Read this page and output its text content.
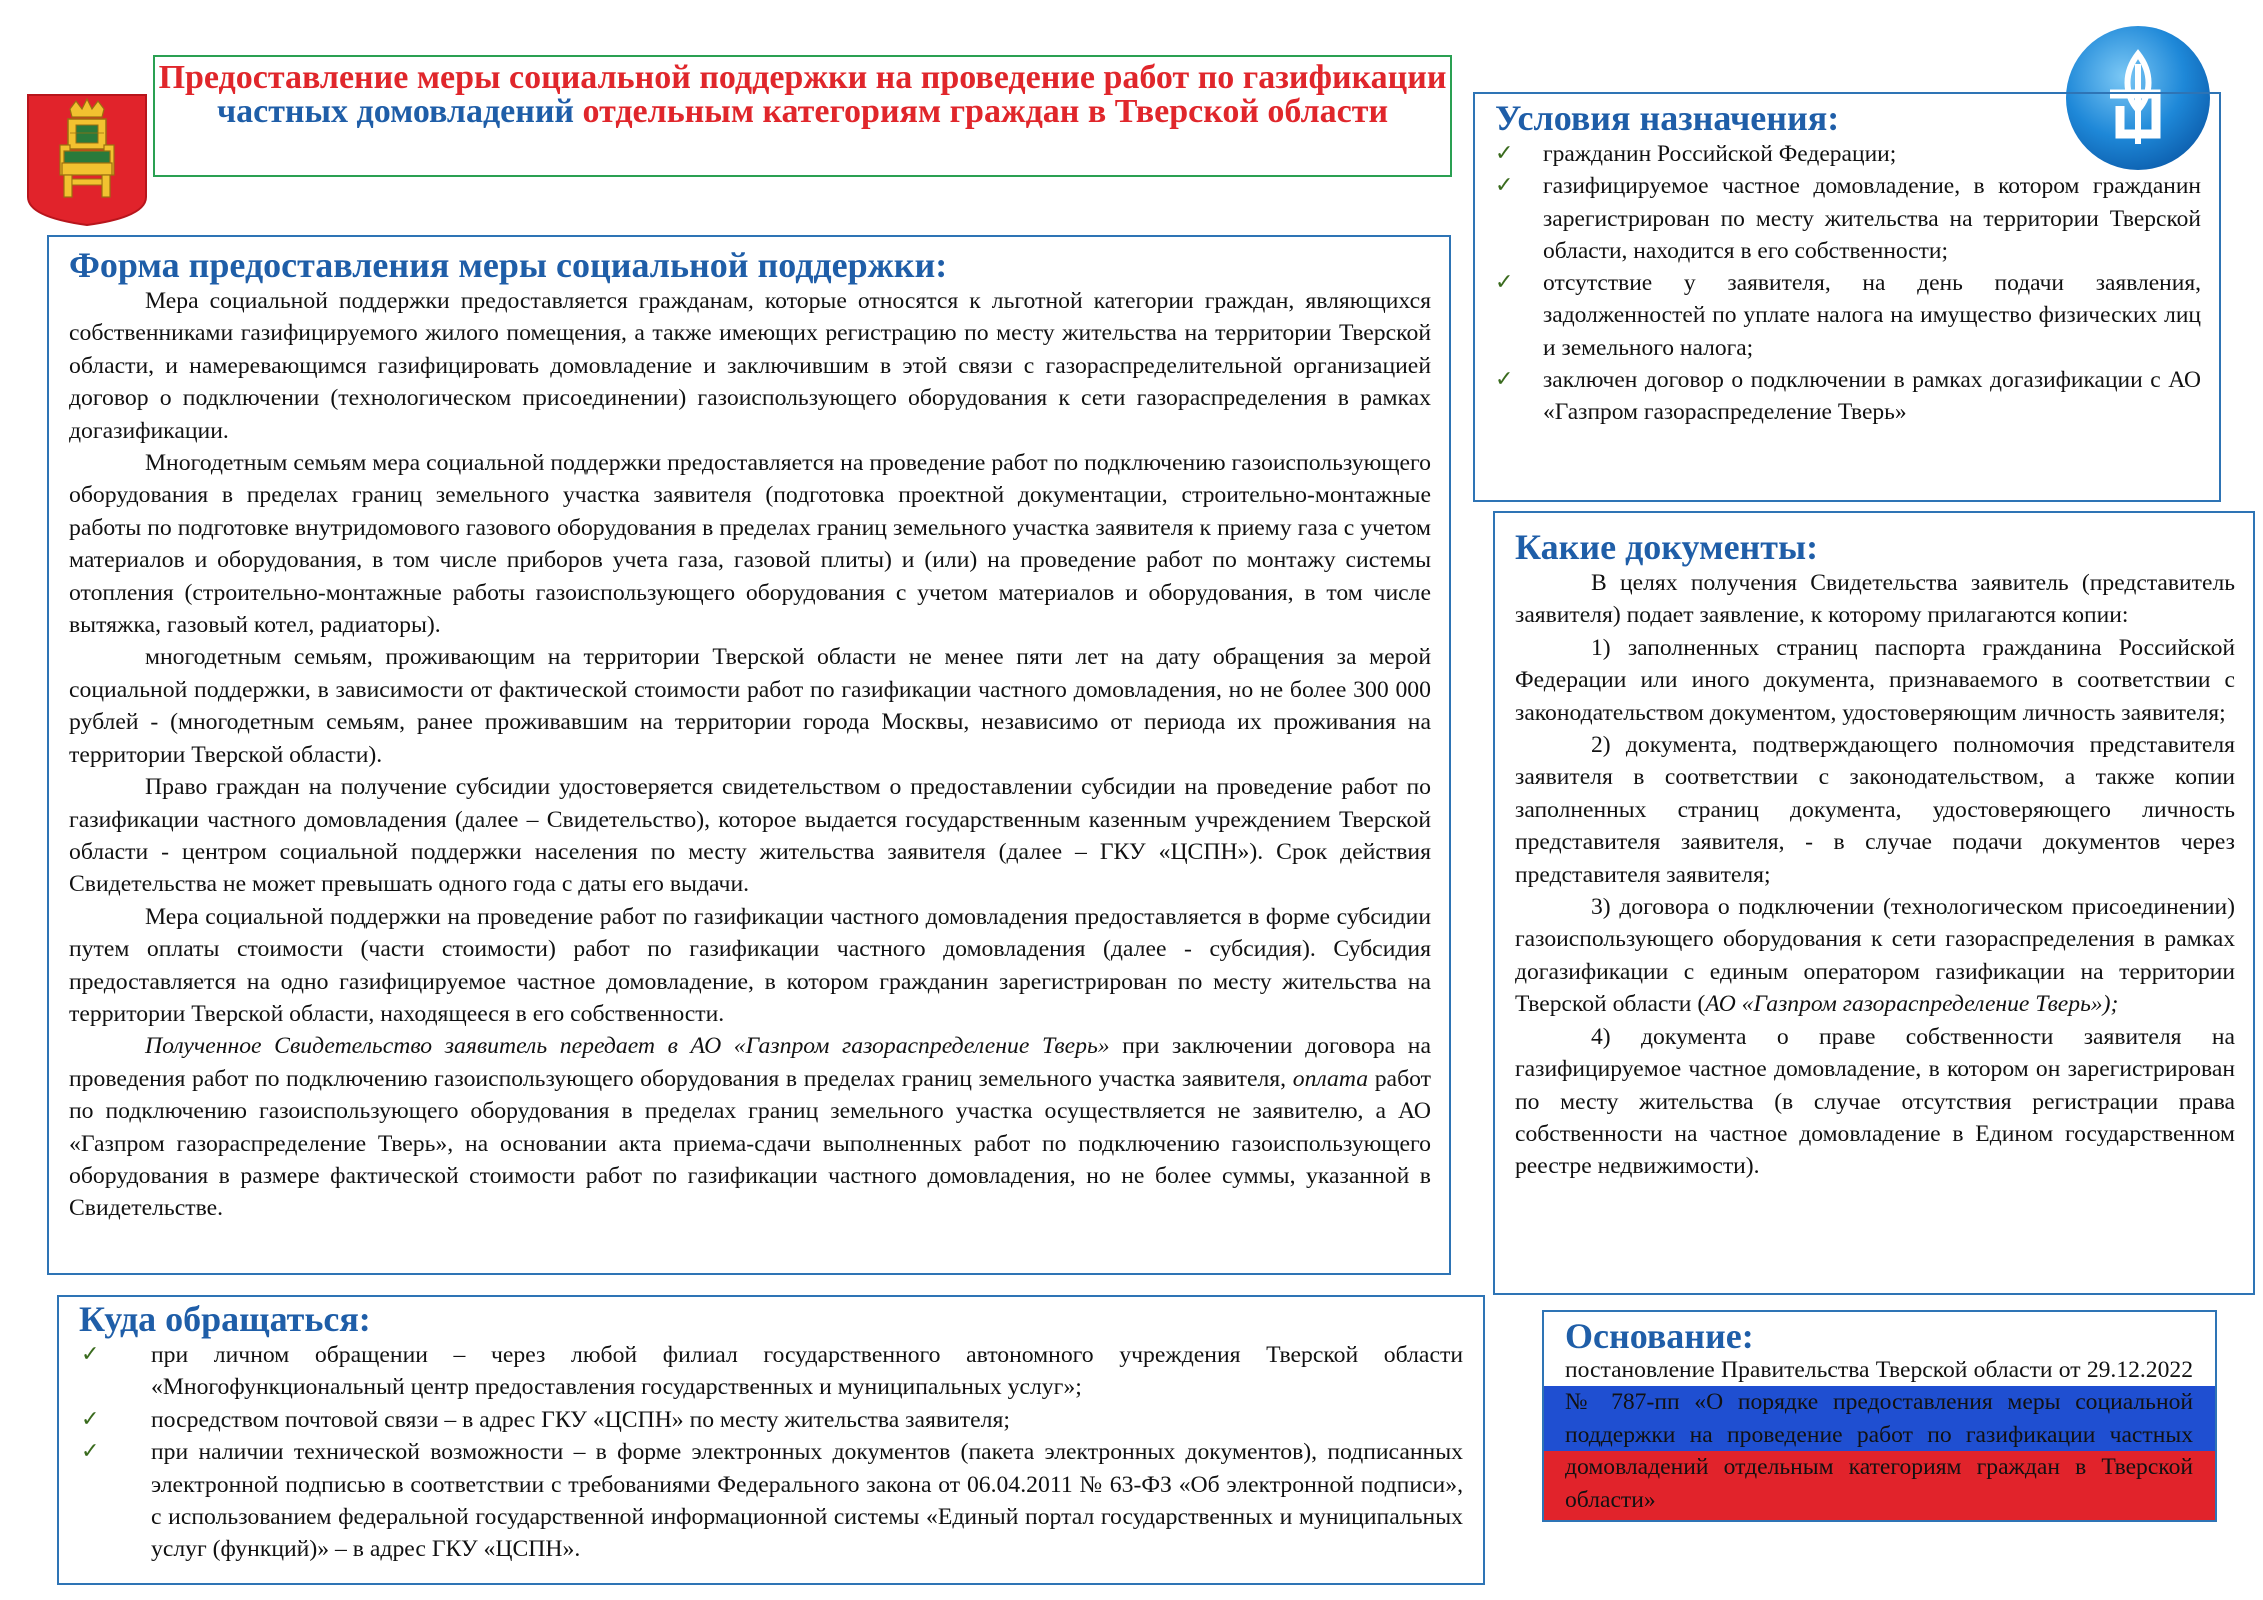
Предоставление меры социальной поддержки на проведение работ по газификации частных домовладений отдельным категориям граждан в Тверской области
Форма предоставления меры социальной поддержки:

Мера социальной поддержки предоставляется гражданам, которые относятся к льготной категории граждан, являющихся собственниками газифицируемого жилого помещения, а также имеющих регистрацию по месту жительства на территории Тверской области, и намеревающимся газифицировать домовладение и заключившим в этой связи с газораспределительной организацией договор о подключении (технологическом присоединении) газоиспользующего оборудования к сети газораспределения в рамках догазификации.

Многодетным семьям мера социальной поддержки предоставляется на проведение работ по подключению газоиспользующего оборудования в пределах границ земельного участка заявителя (подготовка проектной документации, строительно-монтажные работы по подготовке внутридомового газового оборудования в пределах границ земельного участка заявителя к приему газа с учетом материалов и оборудования, в том числе приборов учета газа, газовой плиты) и (или) на проведение работ по монтажу системы отопления (строительно-монтажные работы газоиспользующего оборудования с учетом материалов и оборудования, в том числе вытяжка, газовый котел, радиаторы).

многодетным семьям, проживающим на территории Тверской области не менее пяти лет на дату обращения за мерой социальной поддержки, в зависимости от фактической стоимости работ по газификации частного домовладения, но не более 300 000 рублей - (многодетным семьям, ранее проживавшим на территории города Москвы, независимо от периода их проживания на территории Тверской области).

Право граждан на получение субсидии удостоверяется свидетельством о предоставлении субсидии на проведение работ по газификации частного домовладения (далее – Свидетельство), которое выдается государственным казенным учреждением Тверской области - центром социальной поддержки населения по месту жительства заявителя (далее – ГКУ «ЦСПН»). Срок действия Свидетельства не может превышать одного года с даты его выдачи.

Мера социальной поддержки на проведение работ по газификации частного домовладения предоставляется в форме субсидии путем оплаты стоимости (части стоимости) работ по газификации частного домовладения (далее - субсидия). Субсидия предоставляется на одно газифицируемое частное домовладение, в котором гражданин зарегистрирован по месту жительства на территории Тверской области, находящееся в его собственности.

Полученное Свидетельство заявитель передает в АО «Газпром газораспределение Тверь» при заключении договора на проведения работ по подключению газоиспользующего оборудования в пределах границ земельного участка заявителя, оплата работ по подключению газоиспользующего оборудования в пределах границ земельного участка осуществляется не заявителю, а АО «Газпром газораспределение Тверь», на основании акта приема-сдачи выполненных работ по подключению газоиспользующего оборудования в размере фактической стоимости работ по газификации частного домовладения, но не более суммы, указанной в Свидетельстве.

Условия назначения:
✓ гражданин Российской Федерации;
✓ газифицируемое частное домовладение, в котором гражданин зарегистрирован по месту жительства на территории Тверской области, находится в его собственности;
✓ отсутствие у заявителя, на день подачи заявления, задолженностей по уплате налога на имущество физических лиц и земельного налога;
✓ заключен договор о подключении в рамках догазификации с АО «Газпром газораспределение Тверь»
Какие документы:

В целях получения Свидетельства заявитель (представитель заявителя) подает заявление, к которому прилагаются копии:

1) заполненных страниц паспорта гражданина Российской Федерации или иного документа, признаваемого в соответствии с законодательством документом, удостоверяющим личность заявителя;

2) документа, подтверждающего полномочия представителя заявителя в соответствии с законодательством, а также копии заполненных страниц документа, удостоверяющего личность представителя заявителя, - в случае подачи документов через представителя заявителя;

3) договора о подключении (технологическом присоединении) газоиспользующего оборудования к сети газораспределения в рамках догазификации с единым оператором газификации на территории Тверской области (АО «Газпром газораспределение Тверь»);

4) документа о праве собственности заявителя на газифицируемое частное домовладение, в котором он зарегистрирован по месту жительства (в случае отсутствия регистрации права собственности на частное домовладение в Едином государственном реестре недвижимости).

Куда обращаться:
✓ при личном обращении – через любой филиал государственного автономного учреждения Тверской области «Многофункциональный центр предоставления государственных и муниципальных услуг»;
✓ посредством почтовой связи – в адрес ГКУ «ЦСПН» по месту жительства заявителя;
✓ при наличии технической возможности – в форме электронных документов (пакета электронных документов), подписанных электронной подписью в соответствии с требованиями Федерального закона от 06.04.2011 № 63-ФЗ «Об электронной подписи», с использованием федеральной государственной информационной системы «Единый портал государственных и муниципальных услуг (функций)» – в адрес ГКУ «ЦСПН».
Основание:
постановление Правительства Тверской области от 29.12.2022 № 787-пп «О порядке предоставления меры социальной поддержки на проведение работ по газификации частных домовладений отдельным категориям граждан в Тверской области»
